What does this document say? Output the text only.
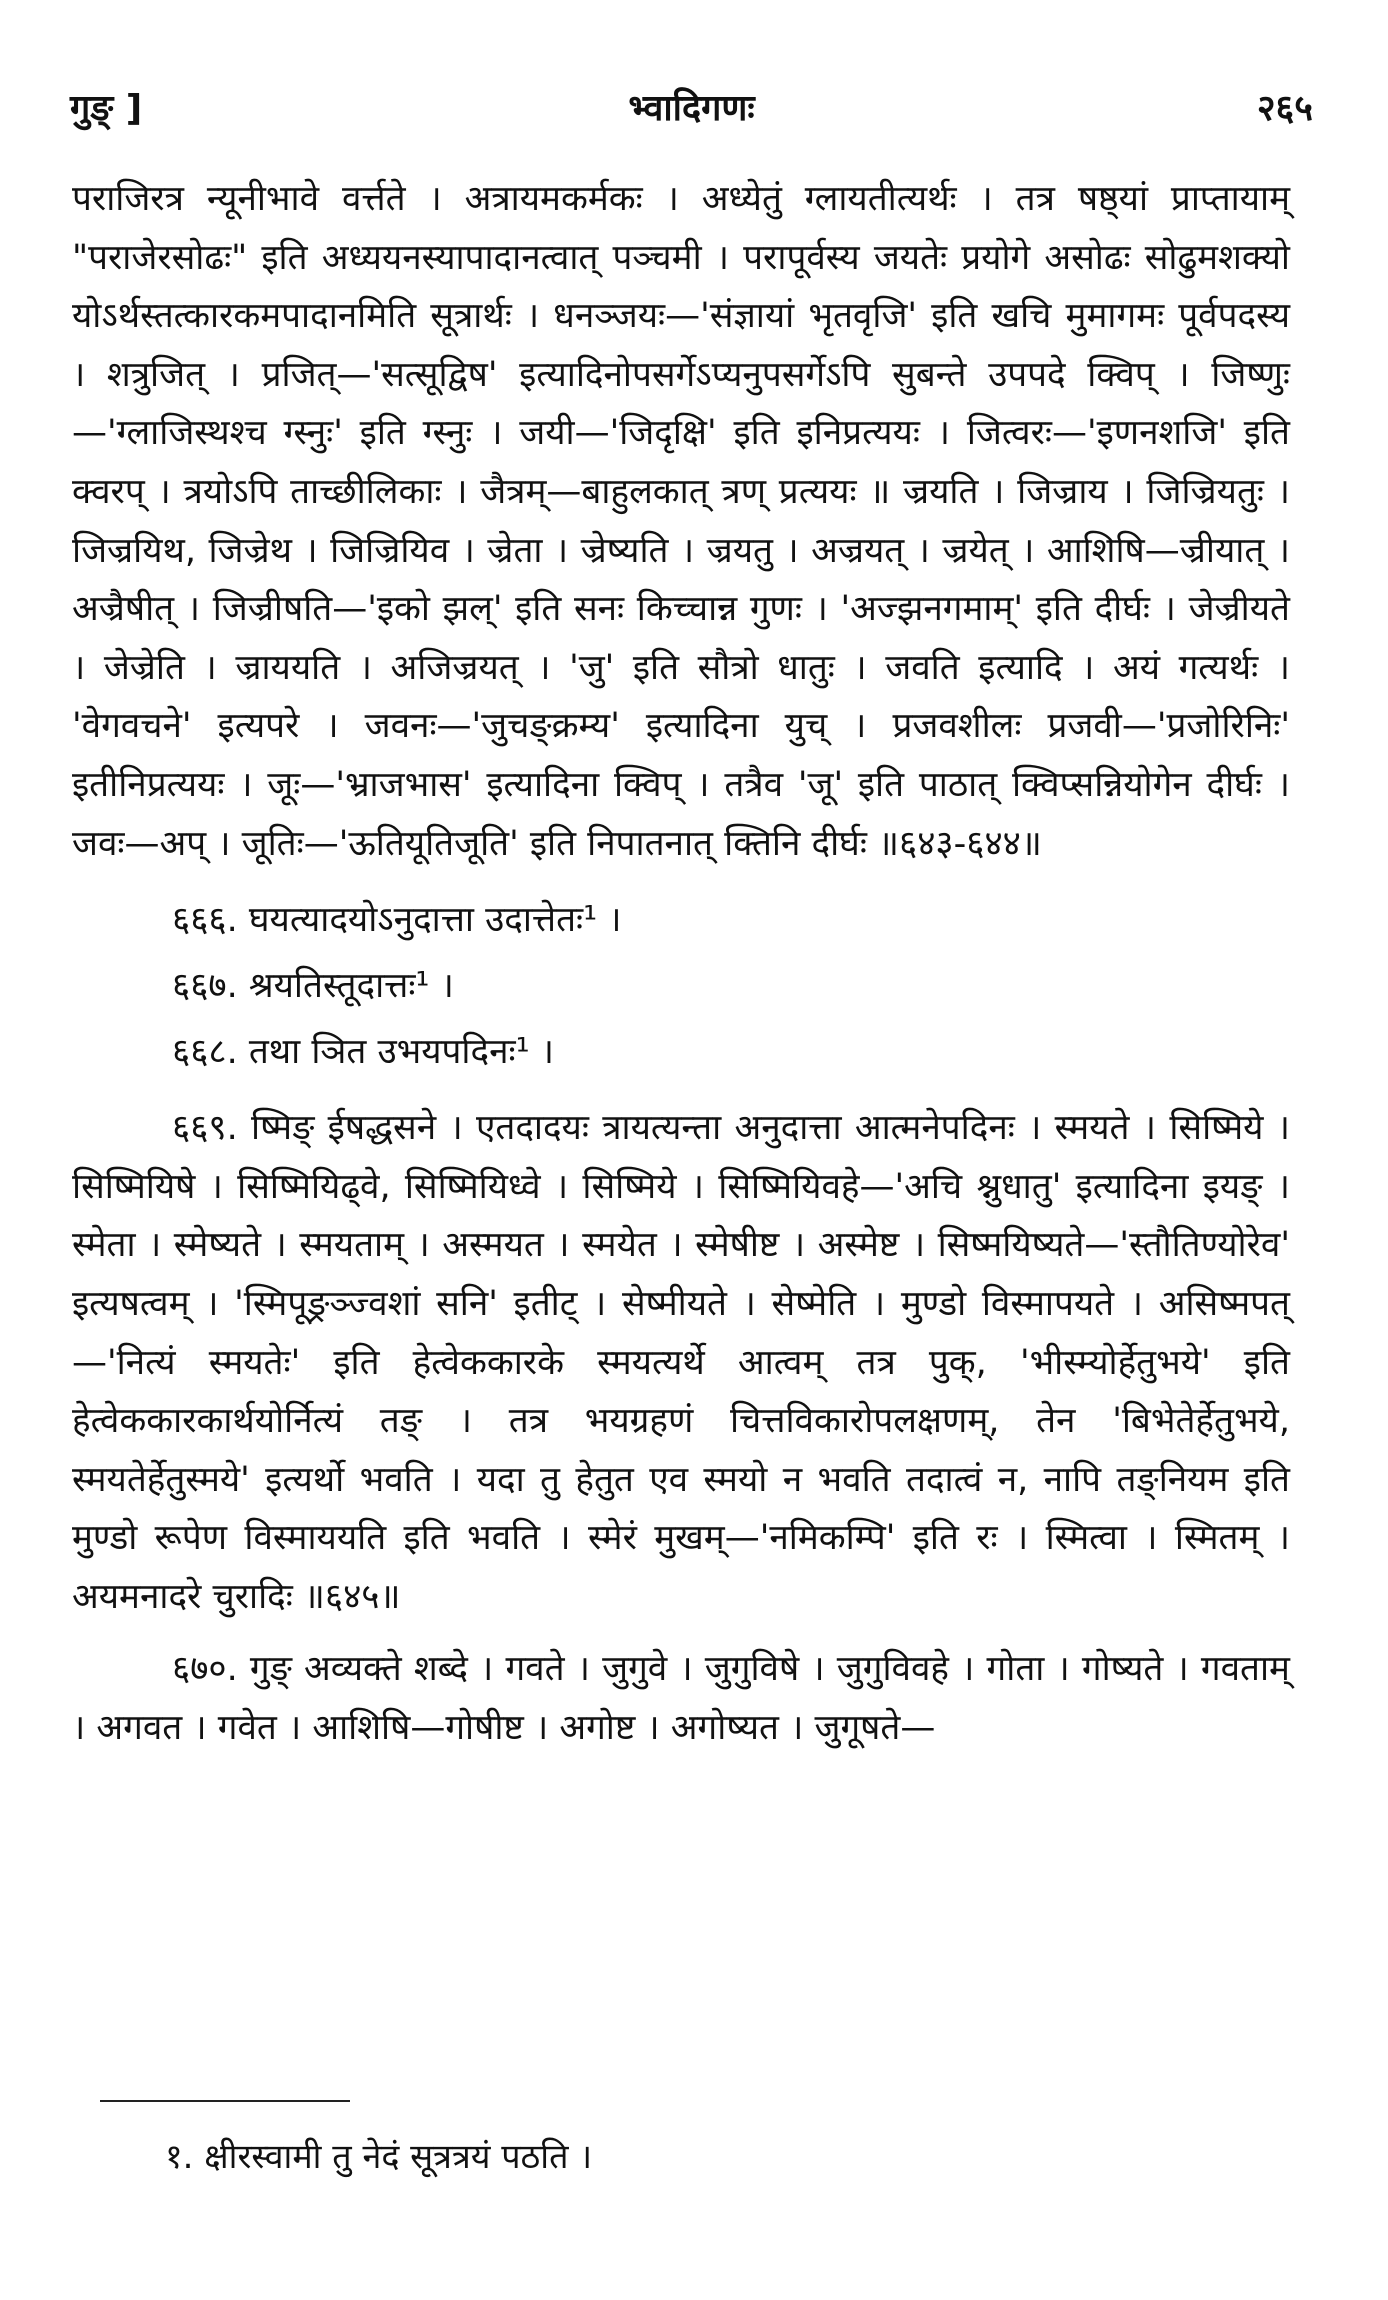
गुङ् ]	भ्वादिगणः	२६५

पराजिरत्र न्यूनीभावे वर्त्तते । अत्रायमकर्मकः । अध्येतुं ग्लायतीत्यर्थः । तत्र षष्ठ्यां प्राप्तायाम् "पराजेरसोढः" इति अध्ययनस्यापादानत्वात् पञ्चमी । परापूर्वस्य जयतेः प्रयोगे असोढः सोढुमशक्यो योऽर्थस्तत्कारकमपादानमिति सूत्रार्थः । धनञ्जयः—'संज्ञायां भृतवृजि' इति खचि मुमागमः पूर्वपदस्य । शत्रुजित् । प्रजित्—'सत्सूद्विष' इत्यादिनोपसर्गेऽप्यनुपसर्गेऽपि सुबन्ते उपपदे क्विप् । जिष्णुः—'ग्लाजिस्थश्च ग्स्नुः' इति ग्स्नुः । जयी—'जिदृक्षि' इति इनिप्रत्ययः । जित्वरः—'इणनशजि' इति क्वरप् । त्रयोऽपि ताच्छीलिकाः । जैत्रम्—बाहुलकात् त्रण् प्रत्ययः ॥ ज्रयति । जिज्राय । जिज्रियतुः । जिज्रयिथ, जिज्रेथ । जिज्रियिव । ज्रेता । ज्रेष्यति । ज्रयतु । अज्रयत् । ज्रयेत् । आशिषि—ज्रीयात् । अज्रैषीत् । जिज्रीषति—'इको झल्' इति सनः किच्चान्न गुणः । 'अज्झनगमाम्' इति दीर्घः । जेज्रीयते । जेज्रेति । ज्राययति । अजिज्रयत् । 'जु' इति सौत्रो धातुः । जवति इत्यादि । अयं गत्यर्थः । 'वेगवचने' इत्यपरे । जवनः—'जुचङ्क्रम्य' इत्यादिना युच् । प्रजवशीलः प्रजवी—'प्रजोरिनिः' इतीनिप्रत्ययः । जूः—'भ्राजभास' इत्यादिना क्विप् । तत्रैव 'जू' इति पाठात् क्विप्सन्नियोगेन दीर्घः । जवः—अप् । जूतिः—'ऊतियूतिजूति' इति निपातनात् क्तिनि दीर्घः ॥६४३-६४४॥

६६६. घयत्यादयोऽनुदात्ता उदात्तेतः¹ ।

६६७. श्रयतिस्तूदात्तः¹ ।

६६८. तथा ञित उभयपदिनः¹ ।

६६९. ष्मिङ् ईषद्धसने । एतदादयः त्रायत्यन्ता अनुदात्ता आत्मनेपदिनः । स्मयते । सिष्मिये । सिष्मियिषे । सिष्मियिढ्वे, सिष्मियिध्वे । सिष्मिये । सिष्मियिवहे—'अचि श्नुधातु' इत्यादिना इयङ् । स्मेता । स्मेष्यते । स्मयताम् । अस्मयत । स्मयेत । स्मेषीष्ट । अस्मेष्ट । सिष्मयिष्यते—'स्तौतिण्योरेव' इत्यषत्वम् । 'स्मिपूङ्रञ्ज्वशां सनि' इतीट् । सेष्मीयते । सेष्मेति । मुण्डो विस्मापयते । असिष्मपत्—'नित्यं स्मयतेः' इति हेत्वेककारके स्मयत्यर्थे आत्वम् तत्र पुक्, 'भीस्म्योर्हेतुभये' इति हेत्वेककारकार्थयोर्नित्यं तङ् । तत्र भयग्रहणं चित्तविकारोपलक्षणम्, तेन 'बिभेतेर्हेतुभये, स्मयतेर्हेतुस्मये' इत्यर्थो भवति । यदा तु हेतुत एव स्मयो न भवति तदात्वं न, नापि तङ्नियम इति मुण्डो रूपेण विस्माययति इति भवति । स्मेरं मुखम्—'नमिकम्पि' इति रः । स्मित्वा । स्मितम् । अयमनादरे चुरादिः ॥६४५॥

६७०. गुङ् अव्यक्ते शब्दे । गवते । जुगुवे । जुगुविषे । जुगुविवहे । गोता । गोष्यते । गवताम् । अगवत । गवेत । आशिषि—गोषीष्ट । अगोष्ट । अगोष्यत । जुगूषते—

१. क्षीरस्वामी तु नेदं सूत्रत्रयं पठति ।
